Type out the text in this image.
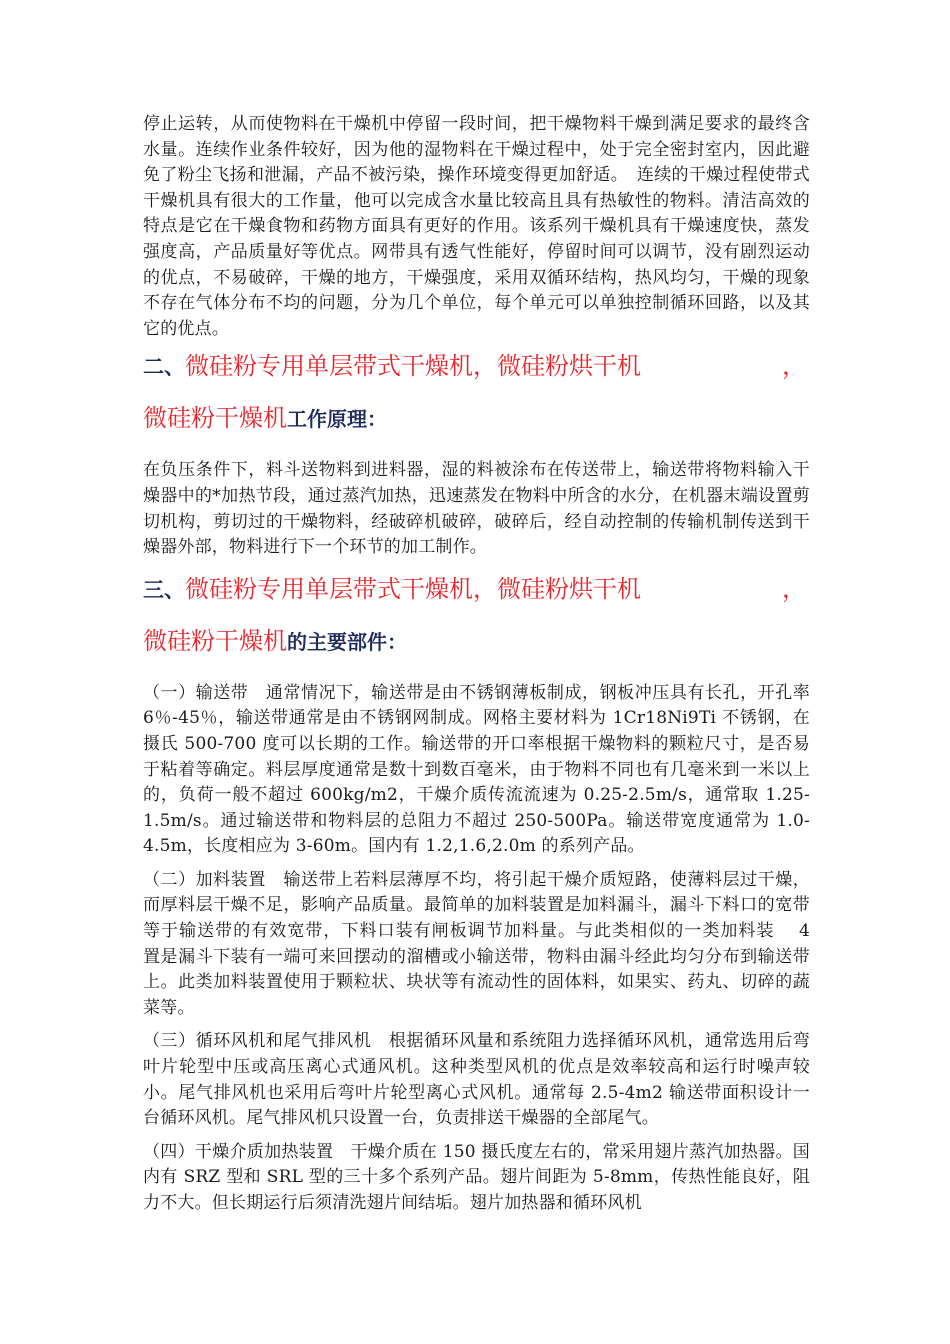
停止运转，从而使物料在干燥机中停留一段时间，把干燥物料干燥到满足要求的最终含水量。连续作业条件较好，因为他的湿物料在干燥过程中，处于完全密封室内，因此避免了粉尘飞扬和泄漏，产品不被污染，操作环境变得更加舒适。　连续的干燥过程使带式干燥机具有很大的工作量，他可以完成含水量比较高且具有热敏性的物料。清洁高效的特点是它在干燥食物和药物方面具有更好的作用。该系列干燥机具有干燥速度快，蒸发强度高，产品质量好等优点。网带具有透气性能好，停留时间可以调节，没有剧烈运动的优点，不易破碎，干燥的地方，干燥强度，采用双循环结构，热风均匀，干燥的现象不存在气体分布不均的问题，分为几个单位，每个单元可以单独控制循环回路，以及其它的优点。

二、微硅粉专用单层带式干燥机，微硅粉烘干机	，
微硅粉干燥机工作原理：

在负压条件下，料斗送物料到进料器，湿的料被涂布在传送带上，输送带将物料输入干燥器中的*加热节段，通过蒸汽加热，迅速蒸发在物料中所含的水分，在机器末端设置剪切机构，剪切过的干燥物料，经破碎机破碎，破碎后，经自动控制的传输机制传送到干燥器外部，物料进行下一个环节的加工制作。

三、微硅粉专用单层带式干燥机，微硅粉烘干机	，
微硅粉干燥机的主要部件：

（一）输送带　通常情况下，输送带是由不锈钢薄板制成，钢板冲压具有长孔，开孔率 6％-45％，输送带通常是由不锈钢网制成。网格主要材料为 1Cr18Ni9Ti 不锈钢，在摄氏 500-700 度可以长期的工作。输送带的开口率根据干燥物料的颗粒尺寸，是否易于粘着等确定。料层厚度通常是数十到数百毫米，由于物料不同也有几毫米到一米以上的，负荷一般不超过 600kg/m2，干燥介质传流流速为 0.25-2.5m/s，通常取 1.25-1.5m/s。通过输送带和物料层的总阻力不超过 250-500Pa。输送带宽度通常为 1.0-4.5m，长度相应为 3-60m。国内有 1.2,1.6,2.0m 的系列产品。

（二）加料装置　输送带上若料层薄厚不均，将引起干燥介质短路，使薄料层过干燥，而厚料层干燥不足，影响产品质量。最简单的加料装置是加料漏斗，漏斗下料口的宽带等于输送带的有效宽带，下料口装有闸板调节加料量。与此类相似的一类加料装　 4　置是漏斗下装有一端可来回摆动的溜槽或小输送带，物料由漏斗经此均匀分布到输送带上。此类加料装置使用于颗粒状、块状等有流动性的固体料，如果实、药丸、切碎的蔬菜等。

（三）循环风机和尾气排风机　根据循环风量和系统阻力选择循环风机，通常选用后弯叶片轮型中压或高压离心式通风机。这种类型风机的优点是效率较高和运行时噪声较小。尾气排风机也采用后弯叶片轮型离心式风机。通常每 2.5-4m2 输送带面积设计一台循环风机。尾气排风机只设置一台，负责排送干燥器的全部尾气。

（四）干燥介质加热装置　干燥介质在 150 摄氏度左右的，常采用翅片蒸汽加热器。国内有 SRZ 型和 SRL 型的三十多个系列产品。翅片间距为 5-8mm，传热性能良好，阻力不大。但长期运行后须清洗翅片间结垢。翅片加热器和循环风机
